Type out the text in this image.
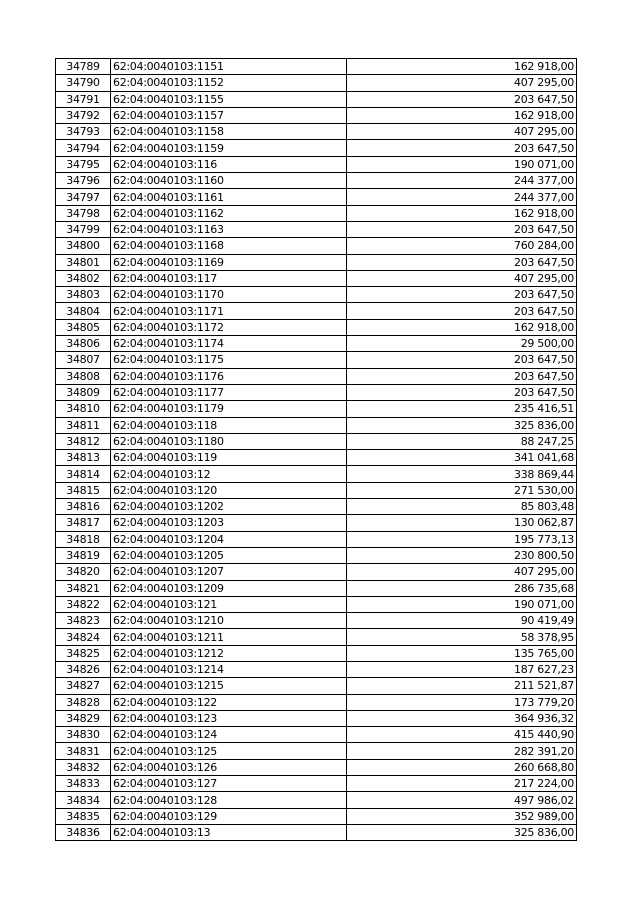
34789	62:04:0040103:1151	162 918,00
34790	62:04:0040103:1152	407 295,00
34791	62:04:0040103:1155	203 647,50
34792	62:04:0040103:1157	162 918,00
34793	62:04:0040103:1158	407 295,00
34794	62:04:0040103:1159	203 647,50
34795	62:04:0040103:116	190 071,00
34796	62:04:0040103:1160	244 377,00
34797	62:04:0040103:1161	244 377,00
34798	62:04:0040103:1162	162 918,00
34799	62:04:0040103:1163	203 647,50
34800	62:04:0040103:1168	760 284,00
34801	62:04:0040103:1169	203 647,50
34802	62:04:0040103:117	407 295,00
34803	62:04:0040103:1170	203 647,50
34804	62:04:0040103:1171	203 647,50
34805	62:04:0040103:1172	162 918,00
34806	62:04:0040103:1174	29 500,00
34807	62:04:0040103:1175	203 647,50
34808	62:04:0040103:1176	203 647,50
34809	62:04:0040103:1177	203 647,50
34810	62:04:0040103:1179	235 416,51
34811	62:04:0040103:118	325 836,00
34812	62:04:0040103:1180	88 247,25
34813	62:04:0040103:119	341 041,68
34814	62:04:0040103:12	338 869,44
34815	62:04:0040103:120	271 530,00
34816	62:04:0040103:1202	85 803,48
34817	62:04:0040103:1203	130 062,87
34818	62:04:0040103:1204	195 773,13
34819	62:04:0040103:1205	230 800,50
34820	62:04:0040103:1207	407 295,00
34821	62:04:0040103:1209	286 735,68
34822	62:04:0040103:121	190 071,00
34823	62:04:0040103:1210	90 419,49
34824	62:04:0040103:1211	58 378,95
34825	62:04:0040103:1212	135 765,00
34826	62:04:0040103:1214	187 627,23
34827	62:04:0040103:1215	211 521,87
34828	62:04:0040103:122	173 779,20
34829	62:04:0040103:123	364 936,32
34830	62:04:0040103:124	415 440,90
34831	62:04:0040103:125	282 391,20
34832	62:04:0040103:126	260 668,80
34833	62:04:0040103:127	217 224,00
34834	62:04:0040103:128	497 986,02
34835	62:04:0040103:129	352 989,00
34836	62:04:0040103:13	325 836,00
